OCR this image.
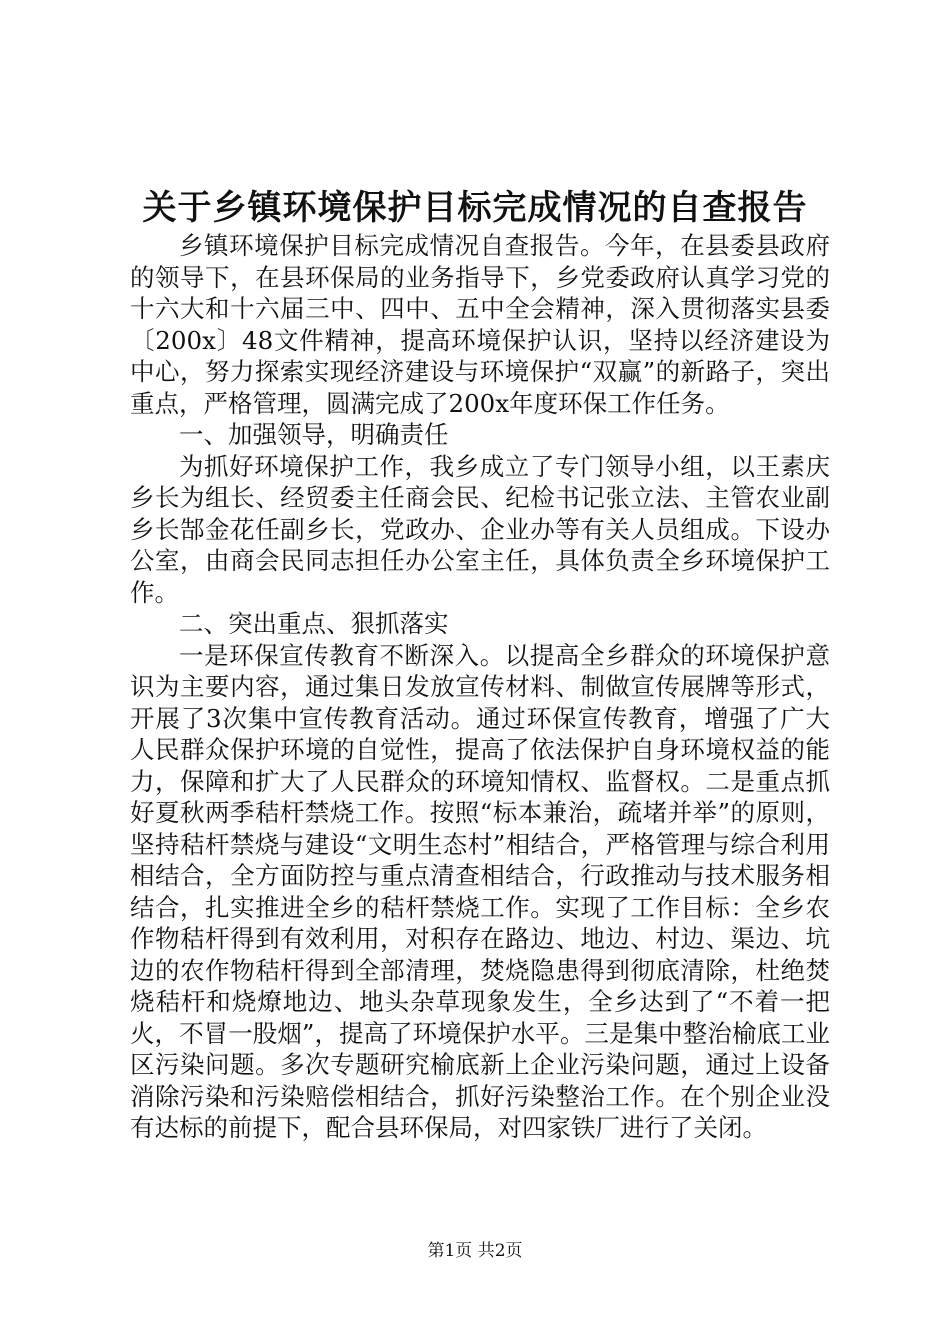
关于乡镇环境保护目标完成情况的自查报告

乡镇环境保护目标完成情况自查报告。今年，在县委县政府的领导下，在县环保局的业务指导下，乡党委政府认真学习党的十六大和十六届三中、四中、五中全会精神，深入贯彻落实县委〔200x〕48文件精神，提高环境保护认识，坚持以经济建设为中心，努力探索实现经济建设与环境保护“双赢”的新路子，突出重点，严格管理，圆满完成了200x年度环保工作任务。

一、加强领导，明确责任

为抓好环境保护工作，我乡成立了专门领导小组，以王素庆乡长为组长、经贸委主任商会民、纪检书记张立法、主管农业副乡长郜金花任副乡长，党政办、企业办等有关人员组成。下设办公室，由商会民同志担任办公室主任，具体负责全乡环境保护工作。

二、突出重点、狠抓落实

一是环保宣传教育不断深入。以提高全乡群众的环境保护意识为主要内容，通过集日发放宣传材料、制做宣传展牌等形式，开展了3次集中宣传教育活动。通过环保宣传教育，增强了广大人民群众保护环境的自觉性，提高了依法保护自身环境权益的能力，保障和扩大了人民群众的环境知情权、监督权。二是重点抓好夏秋两季秸杆禁烧工作。按照“标本兼治，疏堵并举”的原则，坚持秸杆禁烧与建设“文明生态村”相结合，严格管理与综合利用相结合，全方面防控与重点清查相结合，行政推动与技术服务相结合，扎实推进全乡的秸杆禁烧工作。实现了工作目标：全乡农作物秸杆得到有效利用，对积存在路边、地边、村边、渠边、坑边的农作物秸杆得到全部清理，焚烧隐患得到彻底清除，杜绝焚烧秸杆和烧燎地边、地头杂草现象发生，全乡达到了“不着一把火，不冒一股烟”，提高了环境保护水平。三是集中整治榆底工业区污染问题。多次专题研究榆底新上企业污染问题，通过上设备消除污染和污染赔偿相结合，抓好污染整治工作。在个别企业没有达标的前提下，配合县环保局，对四家铁厂进行了关闭。

第1页 共2页
